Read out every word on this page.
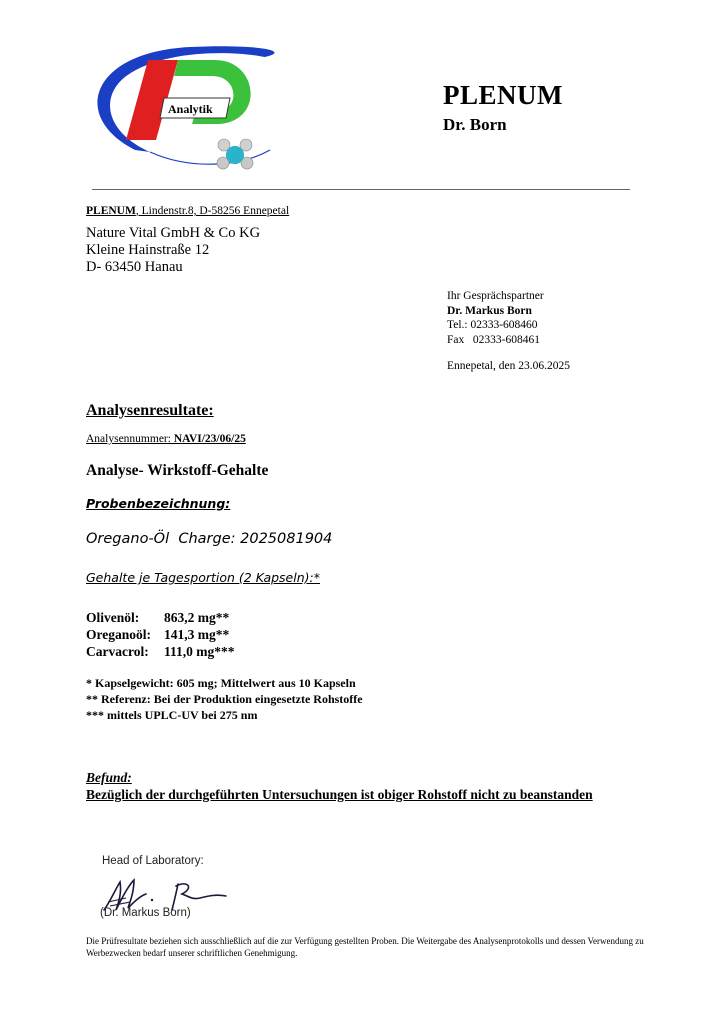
Analytik	PLENUM
Dr. Born
PLENUM, Lindenstr.8, D-58256 Ennepetal
Nature Vital GmbH & Co KG
Kleine Hainstraße 12
D- 63450 Hanau
Ihr Gesprächspartner
Dr. Markus Born
Tel.: 02333-608460
Fax   02333-608461
Ennepetal, den 23.06.2025
Analysenresultate:
Analysennummer: NAVI/23/06/25
Analyse- Wirkstoff-Gehalte
Probenbezeichnung:
Oregano-Öl  Charge: 2025081904
Gehalte je Tagesportion (2 Kapseln):*
Olivenöl:	863,2 mg**
Oreganoöl: 141,3 mg**
Carvacrol:	111,0 mg***
* Kapselgewicht: 605 mg; Mittelwert aus 10 Kapseln
** Referenz: Bei der Produktion eingesetzte Rohstoffe
*** mittels UPLC-UV bei 275 nm
Befund:
Bezüglich der durchgeführten Untersuchungen ist obiger Rohstoff nicht zu beanstanden
Head of Laboratory:
(Dr. Markus Born)
Die Prüfresultate beziehen sich ausschließlich auf die zur Verfügung gestellten Proben. Die Weitergabe des Analysenprotokolls und dessen Verwendung zu Werbezwecken bedarf unserer schriftlichen Genehmigung.
